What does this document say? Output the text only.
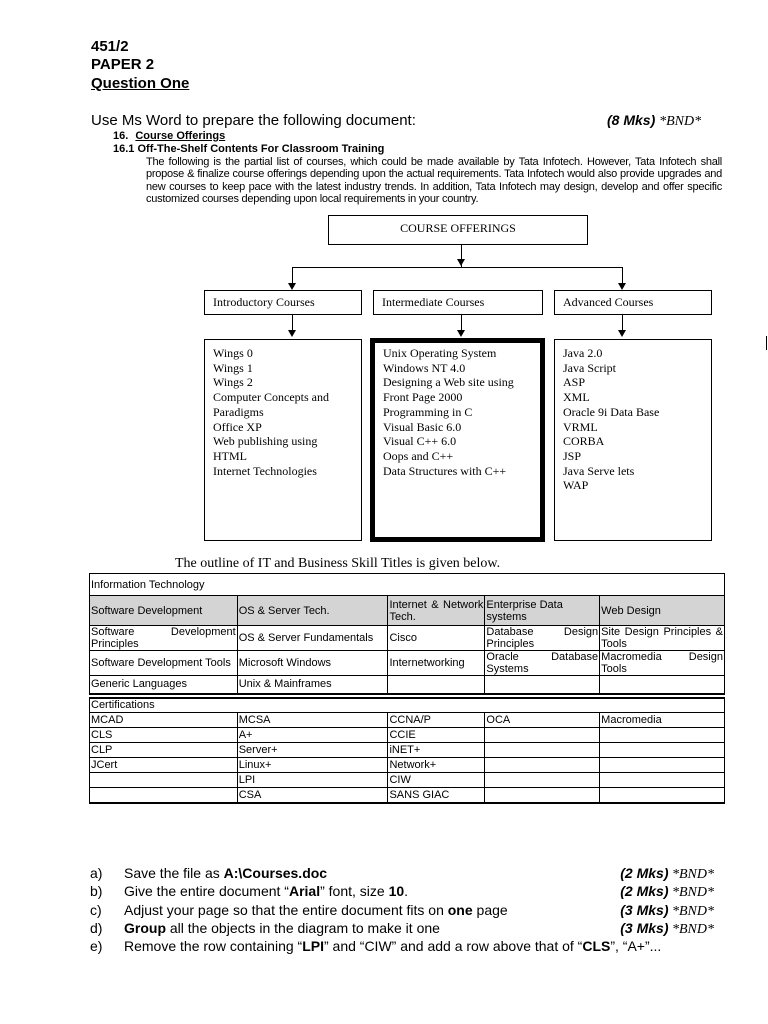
451/2
PAPER 2
Question One
Use Ms Word to prepare the following document:	(8 Mks) *BND*
16. Course Offerings
16.1 Off-The-Shelf Contents For Classroom Training
The following is the partial list of courses, which could be made available by Tata Infotech. However, Tata Infotech shall propose & finalize course offerings depending upon the actual requirements. Tata Infotech would also provide upgrades and new courses to keep pace with the latest industry trends. In addition, Tata Infotech may design, develop and offer specific customized courses depending upon local requirements in your country.
COURSE OFFERINGS
Introductory Courses	Intermediate Courses	Advanced Courses
Wings 0
Wings 1
Wings 2
Computer Concepts and
Paradigms
Office XP
Web publishing using
HTML
Internet Technologies
Unix Operating System
Windows NT 4.0
Designing a Web site using
Front Page 2000
Programming in C
Visual Basic 6.0
Visual C++ 6.0
Oops and C++
Data Structures with C++
Java 2.0
Java Script
ASP
XML
Oracle 9i Data Base
VRML
CORBA
JSP
Java Serve lets
WAP
The outline of IT and Business Skill Titles is given below.
Information Technology				
Software Development	OS & Server Tech.	Internet & Network Tech.	Enterprise Data systems	Web Design
Software Development Principles	OS & Server Fundamentals	Cisco	Database Design Principles	Site Design Principles & Tools
Software Development Tools	Microsoft Windows	Internetworking	Oracle Database Systems	Macromedia Design Tools
Generic Languages	Unix & Mainframes			

Certifications				
MCAD	MCSA	CCNA/P	OCA	Macromedia
CLS	A+	CCIE		
CLP	Server+	iNET+		
JCert	Linux+	Network+		
	LPI	CIW		
	CSA	SANS GIAC		
a) Save the file as A:\Courses.doc	(2 Mks) *BND*
b) Give the entire document “Arial” font, size 10.	(2 Mks) *BND*
c) Adjust your page so that the entire document fits on one page	(3 Mks) *BND*
d) Group all the objects in the diagram to make it one	(3 Mks) *BND*
e) Remove the row containing “LPI” and “CIW” and add a row above that of “CLS”, “A+”...
